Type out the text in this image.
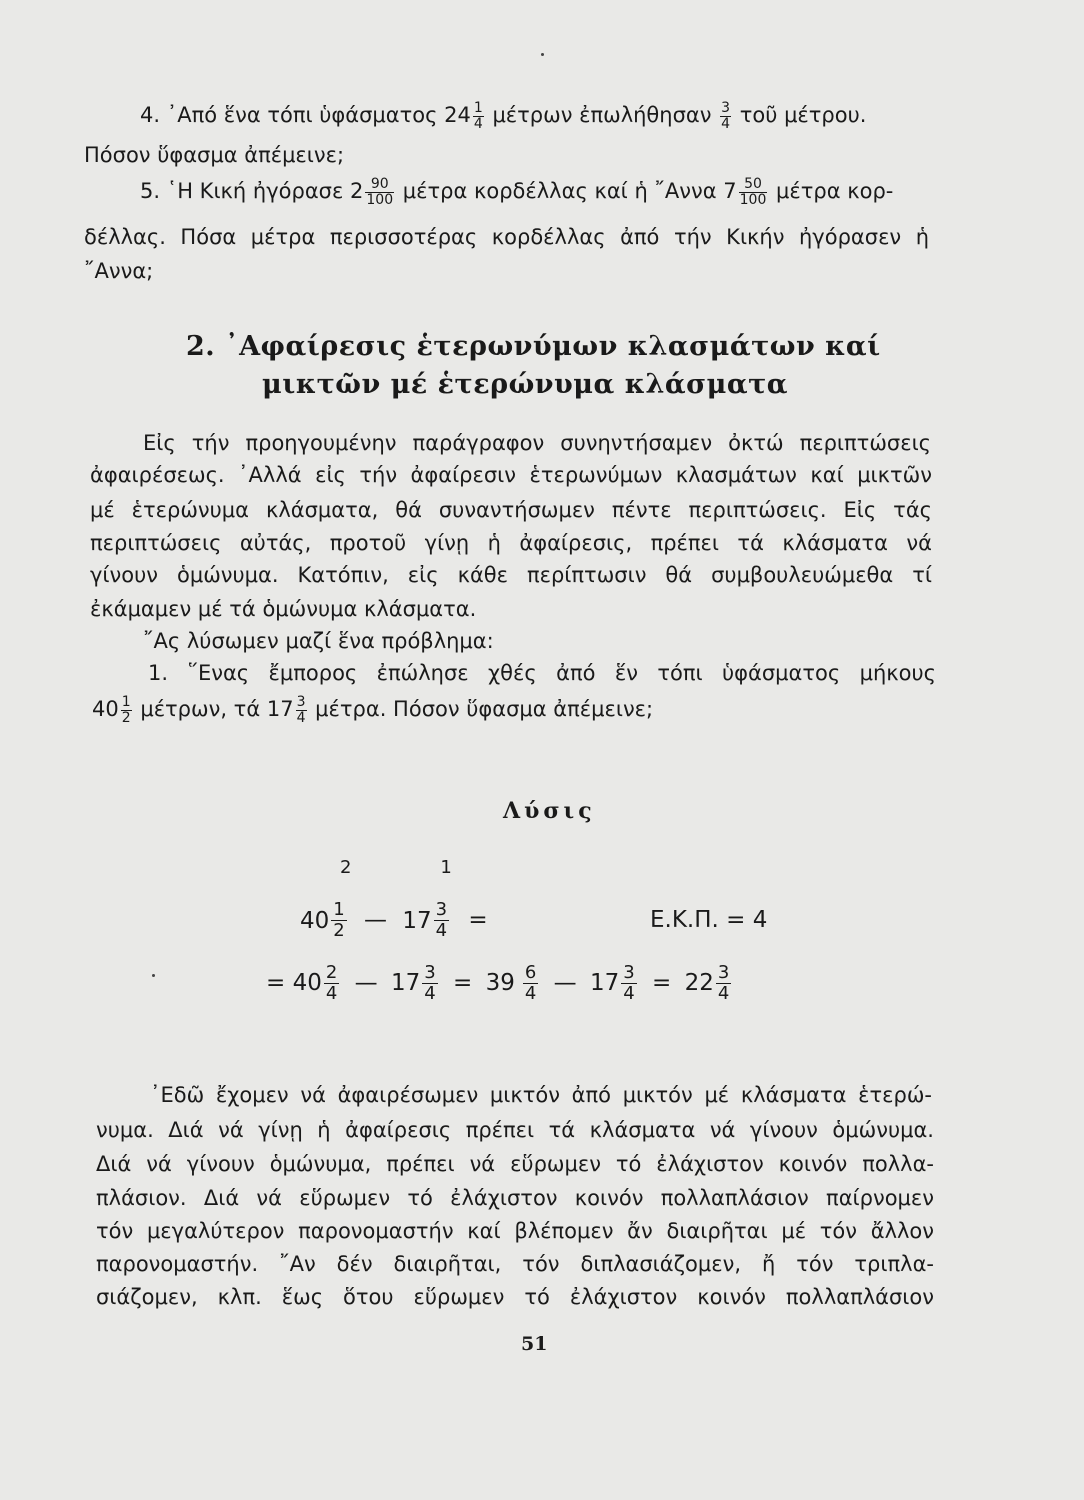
4. ᾿Από ἕνα τόπι ὑφάσματος $24 \frac{1}{4}$ μέτρων ἐπωλήθησαν $\frac{3}{4}$ τοῦ μέτρου.
Πόσον ὕφασμα ἀπέμεινε;
5. ῾Η Κική ἠγόρασε $2 \frac{90}{100}$ μέτρα κορδέλλας καί ἡ ῎Αννα $7 \frac{50}{100}$ μέτρα κορ-
δέλλας. Πόσα μέτρα περισσοτέρας κορδέλλας ἀπό τήν Κικήν ἠγόρασεν ἡ
῎Αννα;
2. ᾿Αφαίρεσις ἑτερωνύμων κλασμάτων καί
μικτῶν μέ ἑτερώνυμα κλάσματα
Εἰς τήν προηγουμένην παράγραφον συνηντήσαμεν ὀκτώ περιπτώσεις
ἀφαιρέσεως. ᾿Αλλά εἰς τήν ἀφαίρεσιν ἑτερωνύμων κλασμάτων καί μικτῶν
μέ ἑτερώνυμα κλάσματα, θά συναντήσωμεν πέντε περιπτώσεις. Εἰς τάς
περιπτώσεις αὐτάς, προτοῦ γίνῃ ἡ ἀφαίρεσις, πρέπει τά κλάσματα νά
γίνουν ὁμώνυμα. Κατόπιν, εἰς κάθε περίπτωσιν θά συμβουλευώμεθα τί
ἐκάμαμεν μέ τά ὁμώνυμα κλάσματα.
῎Ας λύσωμεν μαζί ἕνα πρόβλημα:
1. ῞Ενας ἔμπορος ἐπώλησε χθές ἀπό ἕν τόπι ὑφάσματος μήκους
$40 \frac{1}{2} \mu έ\tau\rho\omega\nu$, τά $17 \frac{3}{4} \mu έ\tau\rho\alpha$. Πόσον ὕφασμα ἀπέμεινε;
Λύσις
2
$40 \frac{1}{2}$ —
1
$17 \frac{3}{4}$ =	Ε.Κ.Π. = 4
= $40 \frac{2}{4}$ — $17 \frac{3}{4} = 39 \frac{6}{4}$ — $17 \frac{3}{4} = 22 \frac{3}{4}$
᾿Εδῶ ἔχομεν νά ἀφαιρέσωμεν μικτόν ἀπό μικτόν μέ κλάσματα ἑτερώ-
νυμα. Διά νά γίνῃ ἡ ἀφαίρεσις πρέπει τά κλάσματα νά γίνουν ὁμώνυμα.
Διά νά γίνουν ὁμώνυμα, πρέπει νά εὕρωμεν τό ἐλάχιστον κοινόν πολλα-
πλάσιον. Διά νά εὕρωμεν τό ἐλάχιστον κοινόν πολλαπλάσιον παίρνομεν
τόν μεγαλύτερον παρονομαστήν καί βλέπομεν ἄν διαιρῆται μέ τόν ἄλλον
παρονομαστήν. ῎Αν δέν διαιρῆται, τόν διπλασιάζομεν, ἤ τόν τριπλα-
σιάζομεν, κλπ. ἕως ὅτου εὕρωμεν τό ἐλάχιστον κοινόν πολλαπλάσιον
51
